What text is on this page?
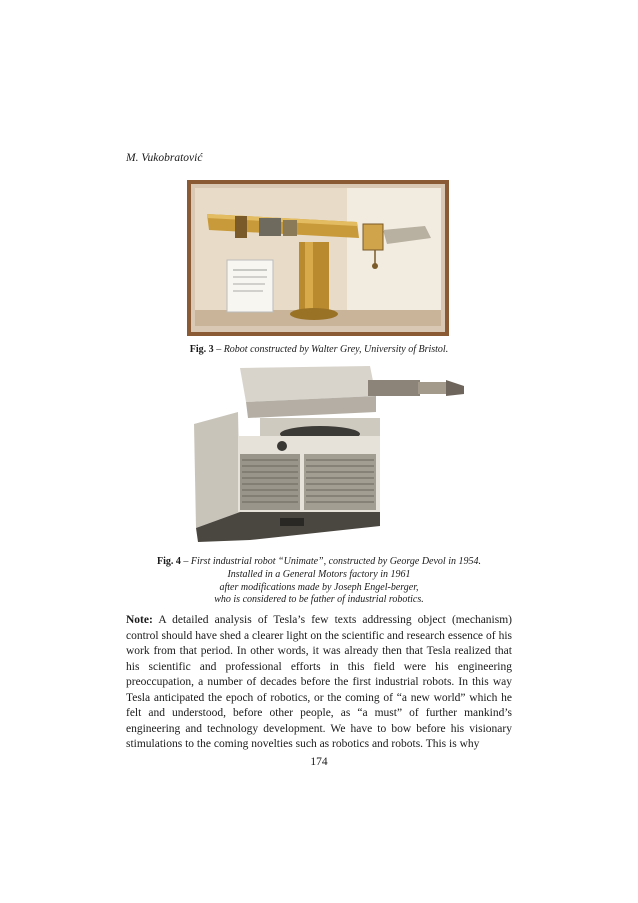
M. Vukobratović
Fig. 3 – Robot constructed by Walter Grey, University of Bristol.
Fig. 4 – First industrial robot “Unimate”, constructed by George Devol in 1954.
Installed in a General Motors factory in 1961
after modifications made by Joseph Engel-berger,
who is considered to be father of industrial robotics.
Note: A detailed analysis of Tesla’s few texts addressing object (mechanism) control should have shed a clearer light on the scientific and research essence of his work from that period. In other words, it was already then that Tesla realized that his scientific and professional efforts in this field were his engineering preoccupation, a number of decades before the first industrial robots. In this way Tesla anticipated the epoch of robotics, or the coming of “a new world” which he felt and understood, before other people, as “a must” of further mankind’s engineering and technology development. We have to bow before his visionary stimulations to the coming novelties such as robotics and robots. This is why
174
